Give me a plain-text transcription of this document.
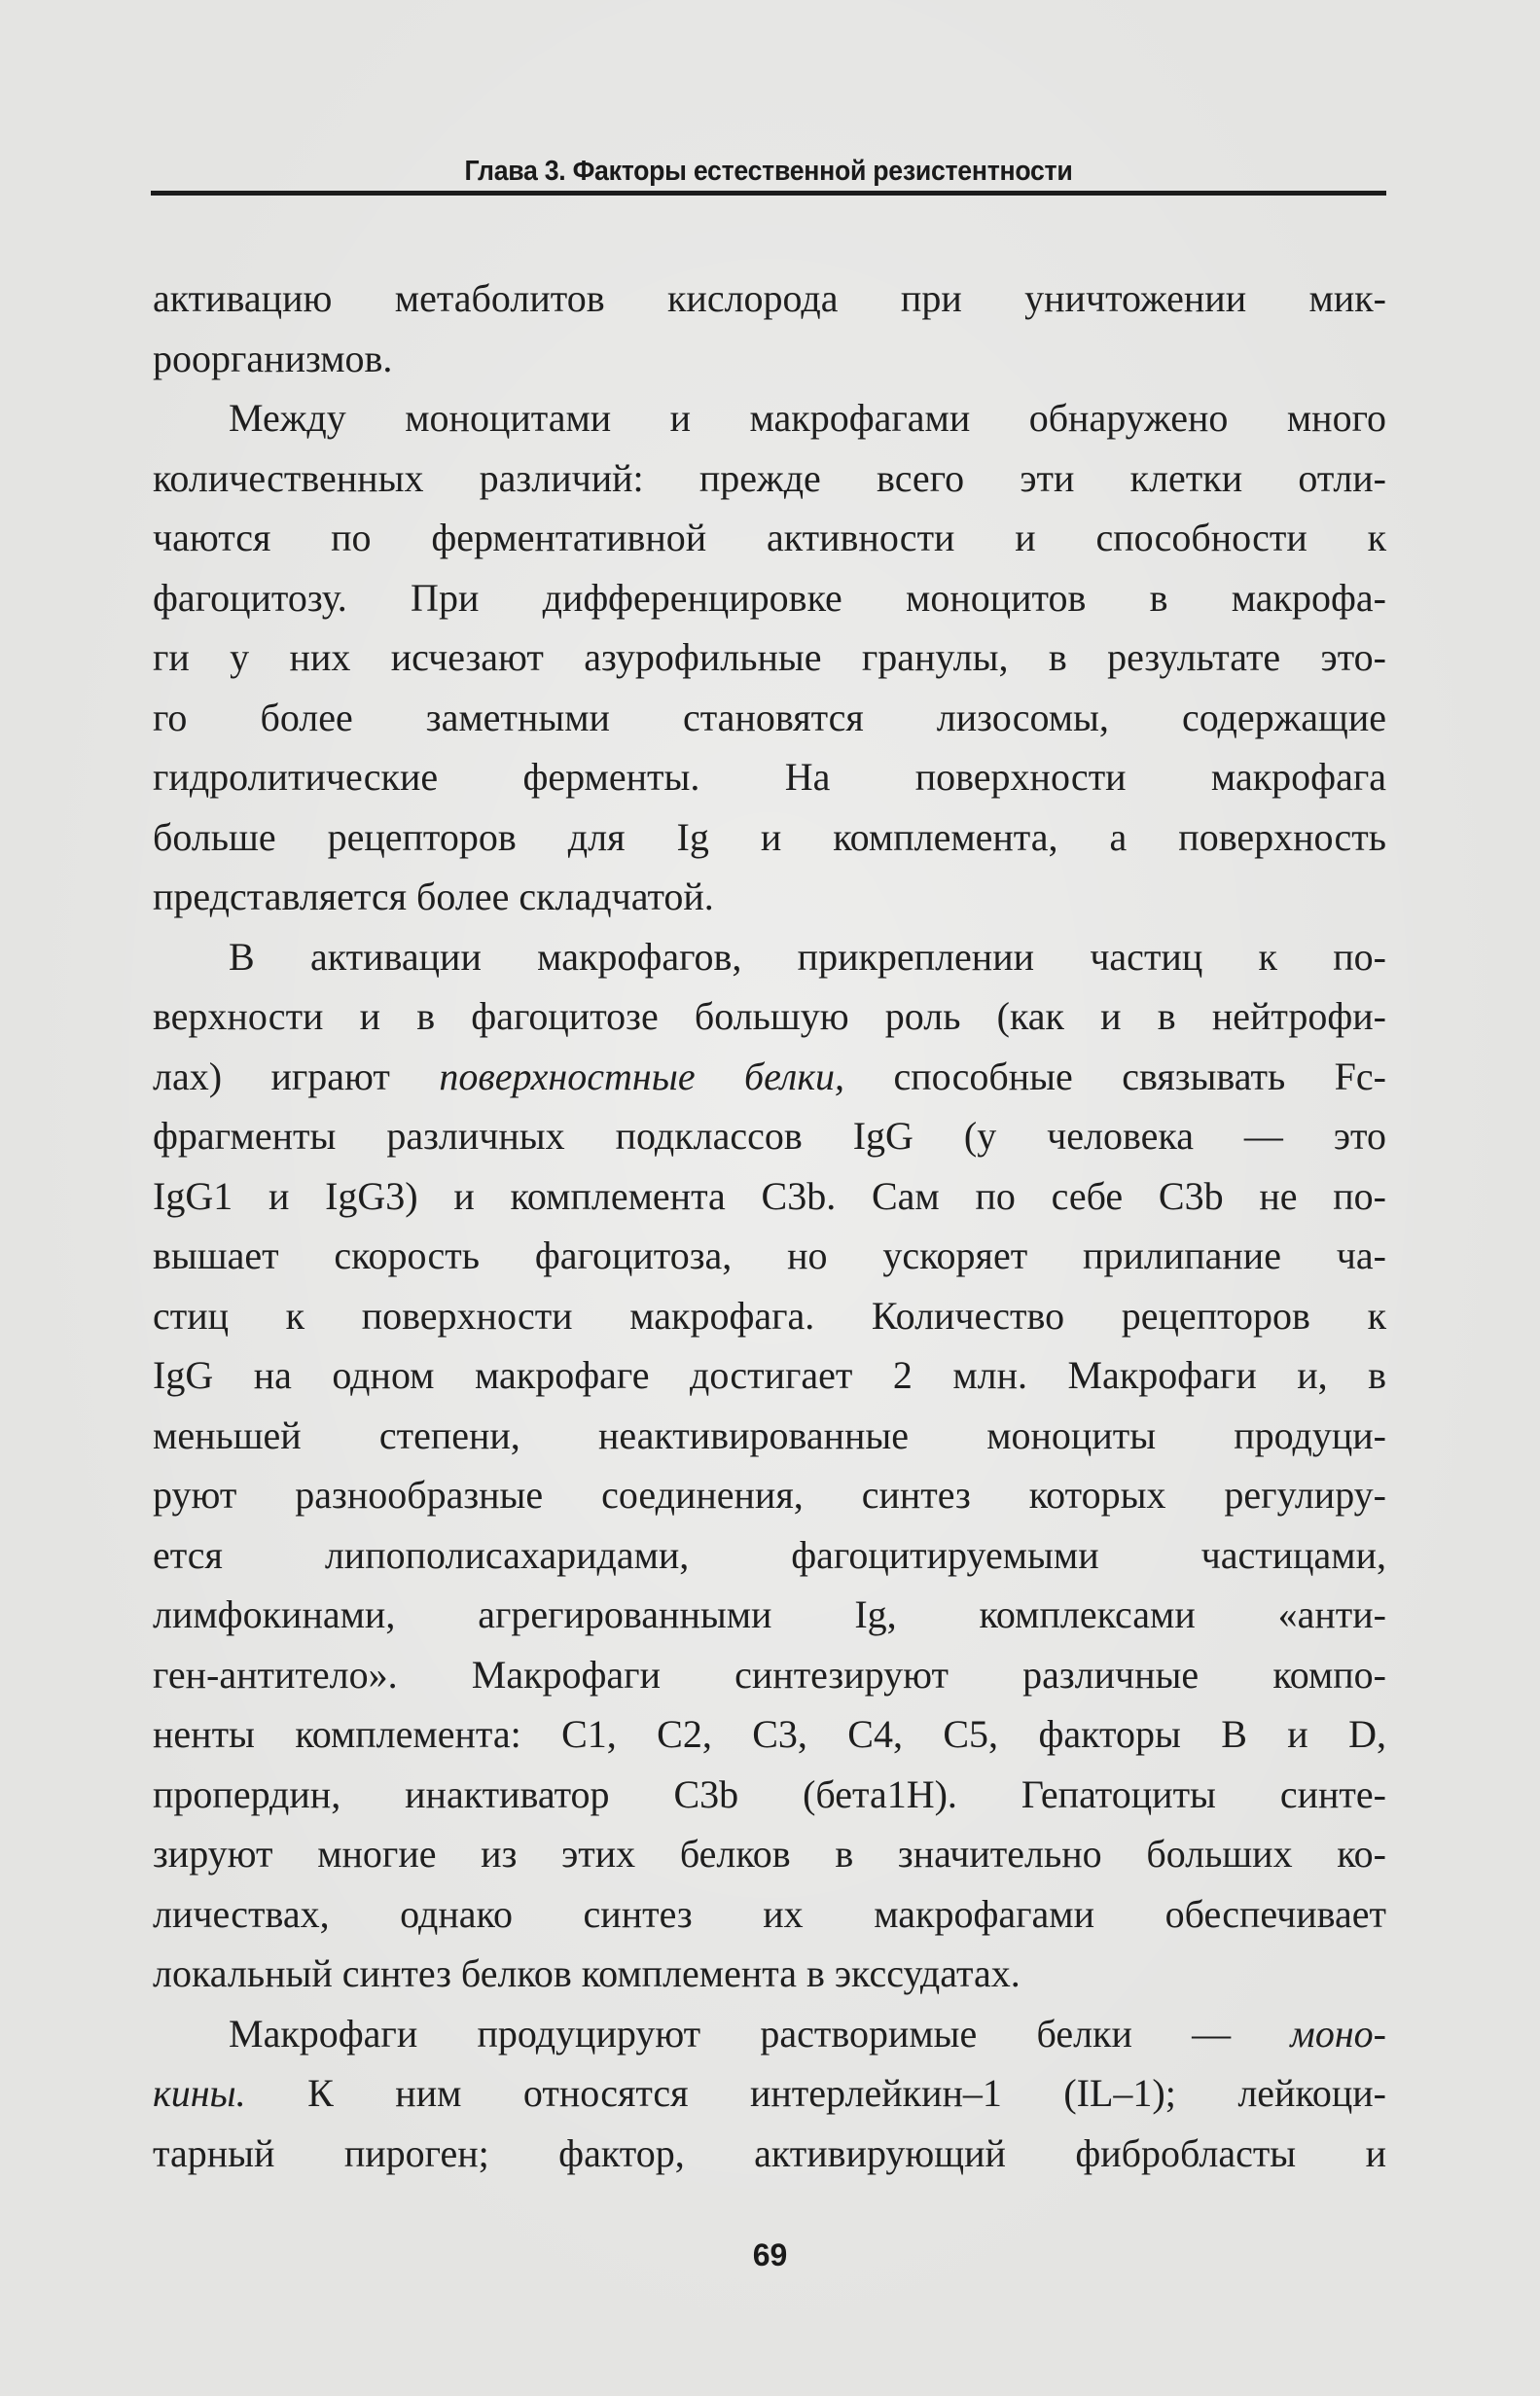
Глава 3. Факторы естественной резистентности
активацию метаболитов кислорода при уничтожении мик-
роорганизмов.
Между моноцитами и макрофагами обнаружено много
количественных различий: прежде всего эти клетки отли-
чаются по ферментативной активности и способности к
фагоцитозу. При дифференцировке моноцитов в макрофа-
ги у них исчезают азурофильные гранулы, в результате это-
го более заметными становятся лизосомы, содержащие
гидролитические ферменты. На поверхности макрофага
больше рецепторов для Ig и комплемента, а поверхность
представляется более складчатой.
В активации макрофагов, прикреплении частиц к по-
верхности и в фагоцитозе большую роль (как и в нейтрофи-
лах) играют поверхностные белки, способные связывать Fc-
фрагменты различных подклассов IgG (у человека — это
IgG1 и IgG3) и комплемента С3b. Сам по себе С3b не по-
вышает скорость фагоцитоза, но ускоряет прилипание ча-
стиц к поверхности макрофага. Количество рецепторов к
IgG на одном макрофаге достигает 2 млн. Макрофаги и, в
меньшей степени, неактивированные моноциты продуци-
руют разнообразные соединения, синтез которых регулиру-
ется липополисахаридами, фагоцитируемыми частицами,
лимфокинами, агрегированными Ig, комплексами «анти-
ген-антитело». Макрофаги синтезируют различные компо-
ненты комплемента: C1, C2, C3, C4, C5, факторы В и D,
пропердин, инактиватор С3b (бета1Н). Гепатоциты синте-
зируют многие из этих белков в значительно больших ко-
личествах, однако синтез их макрофагами обеспечивает
локальный синтез белков комплемента в экссудатах.
Макрофаги продуцируют растворимые белки — моно-
кины. К ним относятся интерлейкин–1 (IL–1); лейкоци-
тарный пироген; фактор, активирующий фибробласты и
69
